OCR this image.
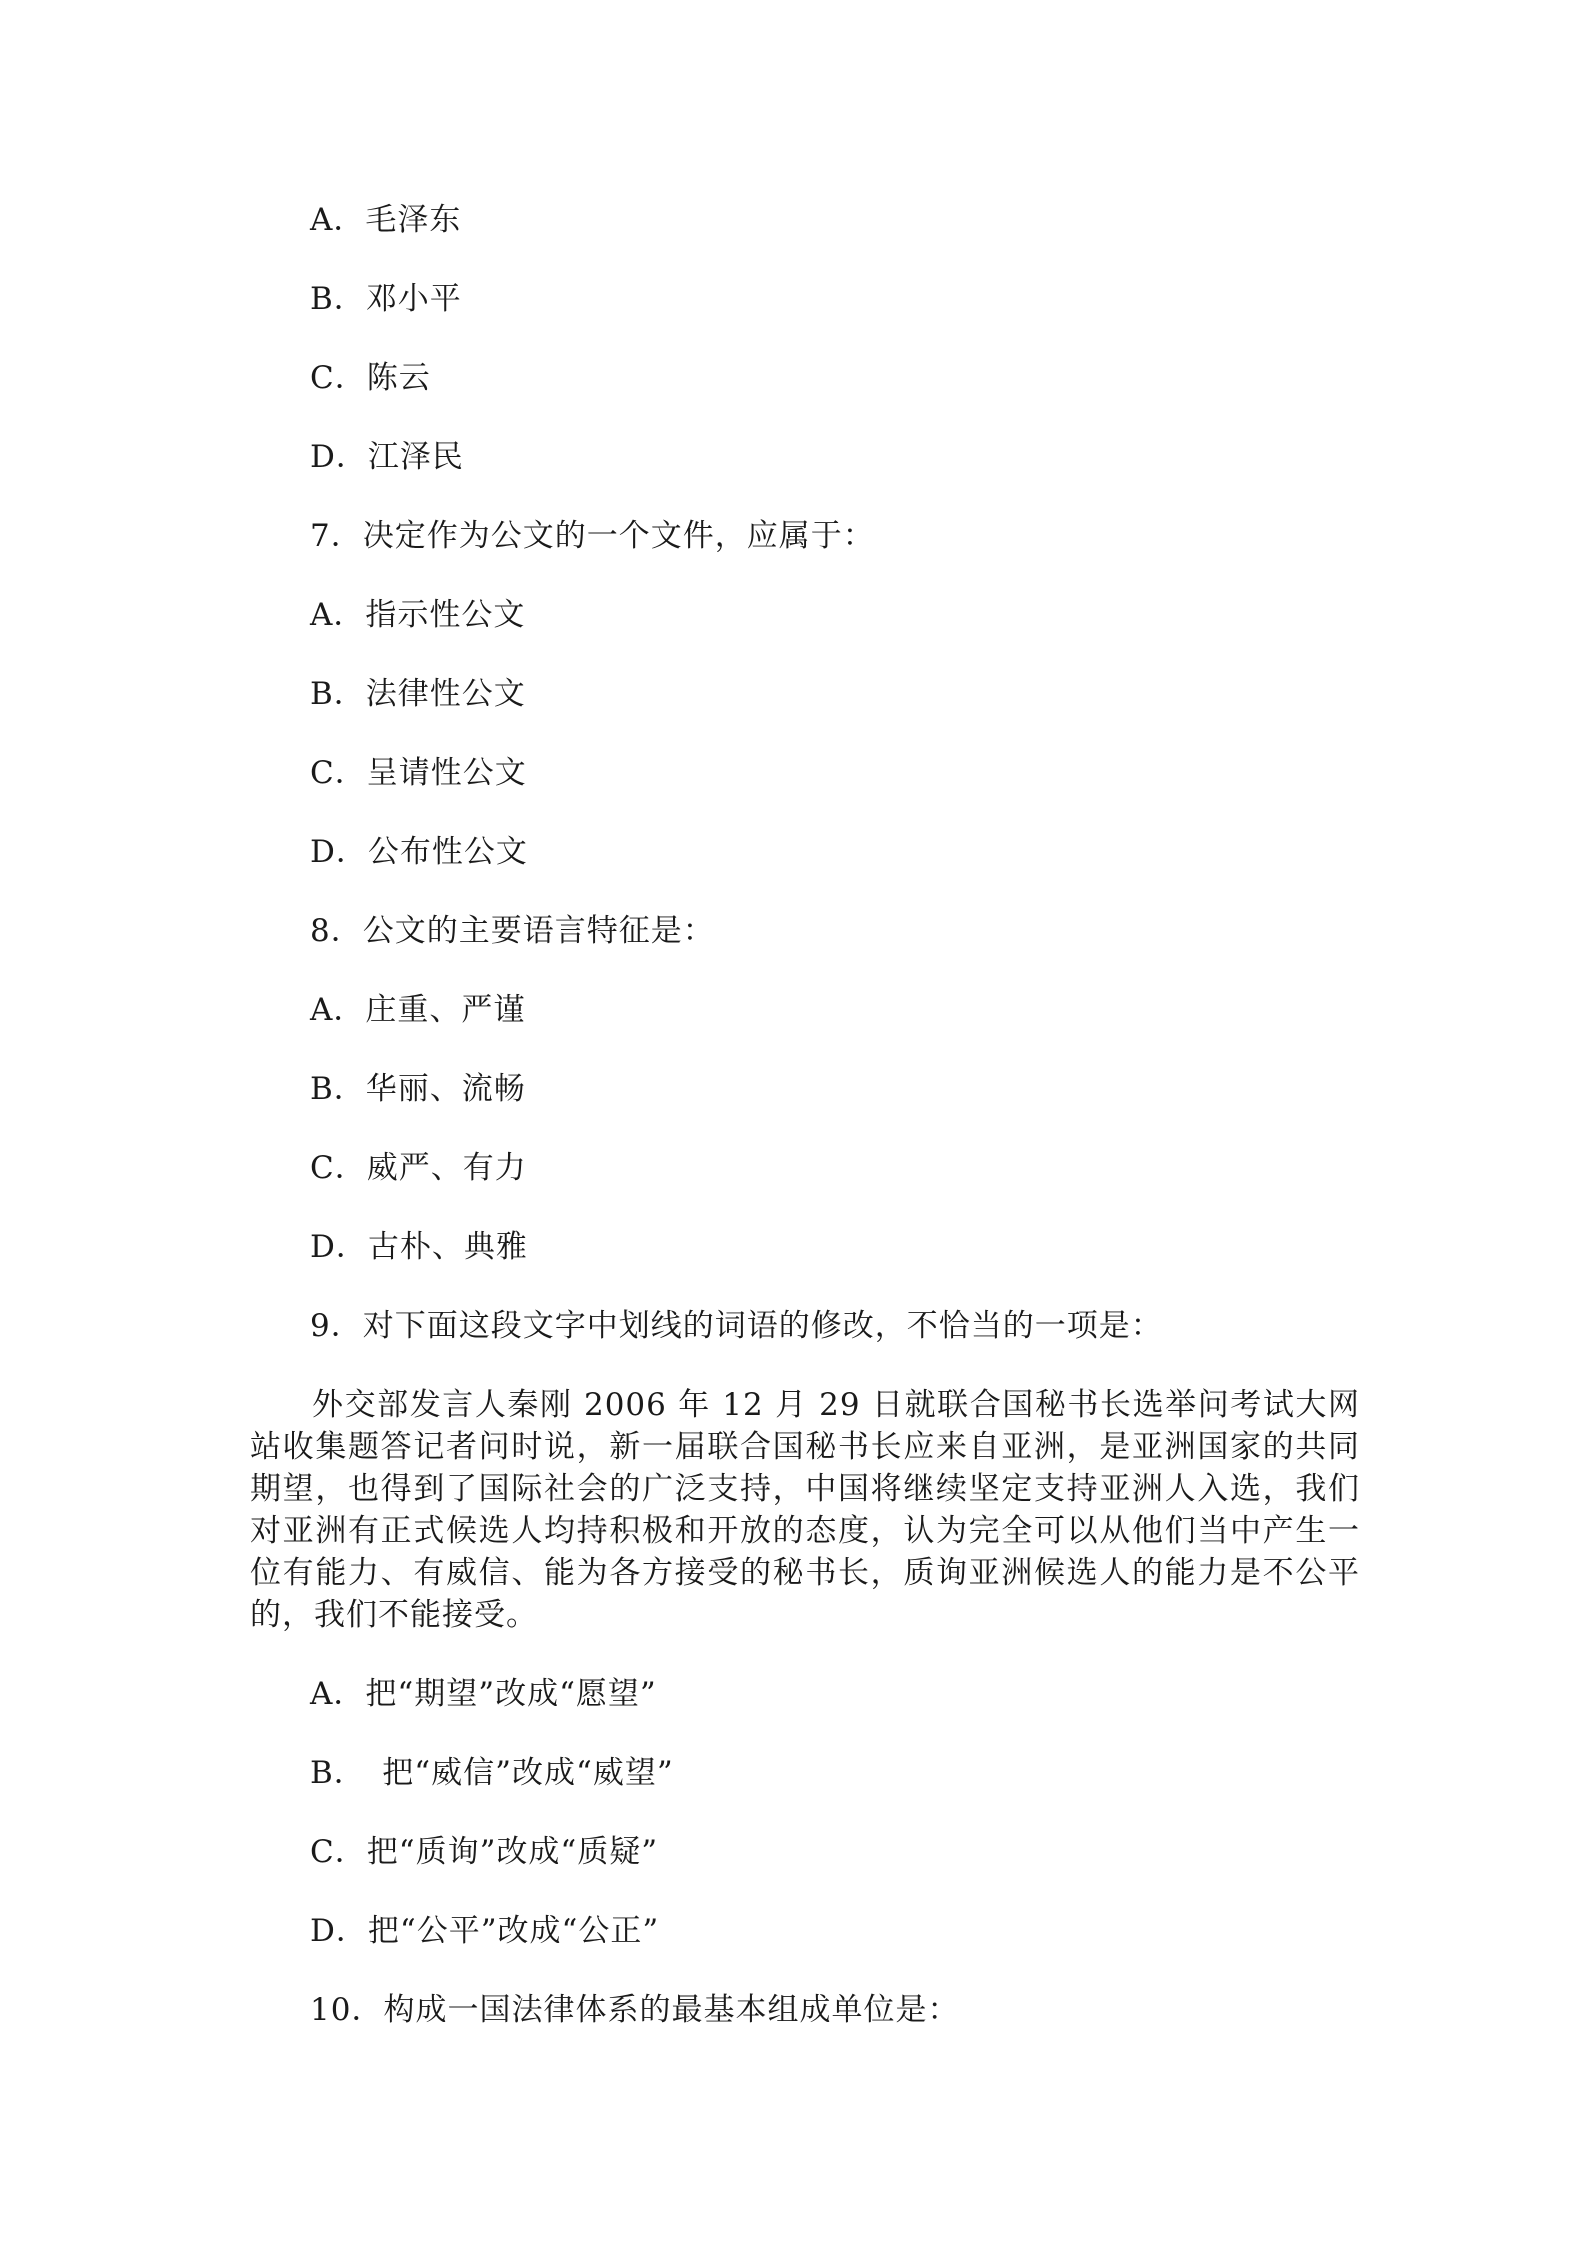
A．毛泽东
B．邓小平
C．陈云
D．江泽民
7．决定作为公文的一个文件，应属于：
A．指示性公文
B．法律性公文
C．呈请性公文
D．公布性公文
8．公文的主要语言特征是：
A．庄重、严谨
B．华丽、流畅
C．威严、有力
D．古朴、典雅
9．对下面这段文字中划线的词语的修改，不恰当的一项是：
外交部发言人秦刚 2006 年 12 月 29 日就联合国秘书长选举问考试大网站收集题答记者问时说，新一届联合国秘书长应来自亚洲，是亚洲国家的共同期望，也得到了国际社会的广泛支持，中国将继续坚定支持亚洲人入选，我们对亚洲有正式候选人均持积极和开放的态度，认为完全可以从他们当中产生一位有能力、有威信、能为各方接受的秘书长，质询亚洲候选人的能力是不公平的，我们不能接受。
A．把“期望”改成“愿望”
B．　把“威信”改成“威望”
C．把“质询”改成“质疑”
D．把“公平”改成“公正”
10．构成一国法律体系的最基本组成单位是：
